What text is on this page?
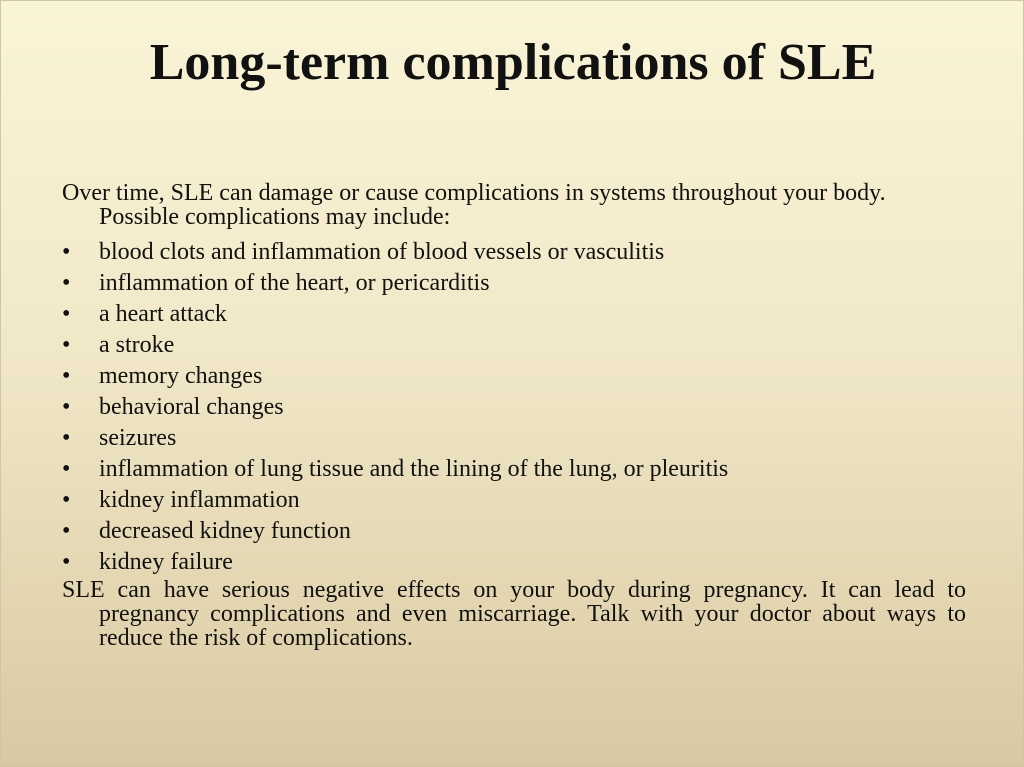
Long-term complications of SLE

Over time, SLE can damage or cause complications in systems throughout your body. Possible complications may include:

•	blood clots and inflammation of blood vessels or vasculitis
•	inflammation of the heart, or pericarditis
•	a heart attack
•	a stroke
•	memory changes
•	behavioral changes
•	seizures
•	inflammation of lung tissue and the lining of the lung, or pleuritis
•	kidney inflammation
•	decreased kidney function
•	kidney failure

SLE can have serious negative effects on your body during pregnancy. It can lead to pregnancy complications and even miscarriage. Talk with your doctor about ways to reduce the risk of complications.
